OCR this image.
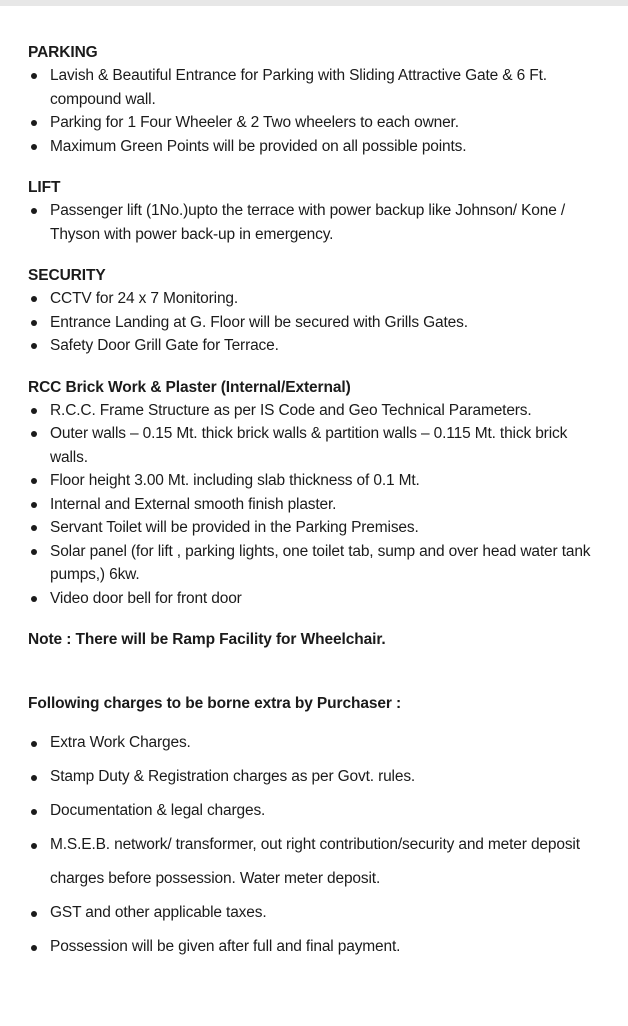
PARKING
Lavish & Beautiful Entrance for Parking with Sliding Attractive Gate & 6 Ft. compound wall.
Parking for 1 Four Wheeler & 2 Two wheelers to each owner.
Maximum Green Points will be provided on all possible points.
LIFT
Passenger lift (1No.)upto the terrace with power backup like Johnson/ Kone / Thyson with power back-up in emergency.
SECURITY
CCTV for 24 x 7 Monitoring.
Entrance Landing at G. Floor will be secured with Grills Gates.
Safety Door Grill Gate for Terrace.
RCC Brick Work & Plaster (Internal/External)
R.C.C. Frame Structure as per IS Code and Geo Technical Parameters.
Outer walls – 0.15 Mt. thick brick walls & partition walls – 0.115 Mt. thick brick walls.
Floor height 3.00 Mt. including slab thickness of 0.1 Mt.
Internal and External smooth finish plaster.
Servant Toilet will be provided in the Parking Premises.
Solar panel (for lift , parking lights, one toilet tab, sump and over head water tank pumps,) 6kw.
Video door bell for front door

Note : There will be Ramp Facility for Wheelchair.

Following charges to be borne extra by Purchaser :
Extra Work Charges.
Stamp Duty & Registration charges as per Govt. rules.
Documentation & legal charges.
M.S.E.B. network/ transformer, out right contribution/security and meter deposit charges before possession. Water meter deposit.
GST and other applicable taxes.
Possession will be given after full and final payment.
